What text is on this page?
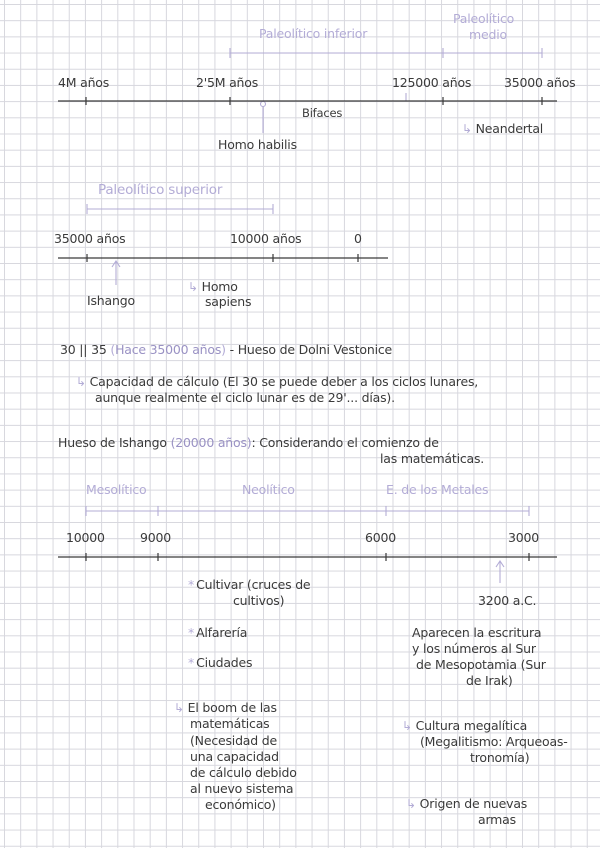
Paleolítico inferior
Paleolítico
medio
4M años	2'5M años	125000 años	35000 años
Bifaces
Homo habilis
↳ Neandertal
Paleolítico superior
35000 años	10000 años	0
Ishango
↳ Homo
sapiens
30 || 35 (Hace 35000 años) - Hueso de Dolni Vestonice
↳ Capacidad de cálculo (El 30 se puede deber a los ciclos lunares,
aunque realmente el ciclo lunar es de 29'... días).
Hueso de Ishango (20000 años): Considerando el comienzo de
las matemáticas.
Mesolítico	Neolítico	E. de los Metales
10000	9000	6000	3000
3200 a.C.
* Cultivar (cruces de
cultivos)
* Alfarería
* Ciudades
↳ El boom de las
matemáticas
(Necesidad de
una capacidad
de cálculo debido
al nuevo sistema
económico)
Aparecen la escritura
y los números al Sur
de Mesopotamia (Sur
de Irak)
↳ Cultura megalítica
(Megalitismo: Arqueoas-
tronomía)
↳ Origen de nuevas
armas
